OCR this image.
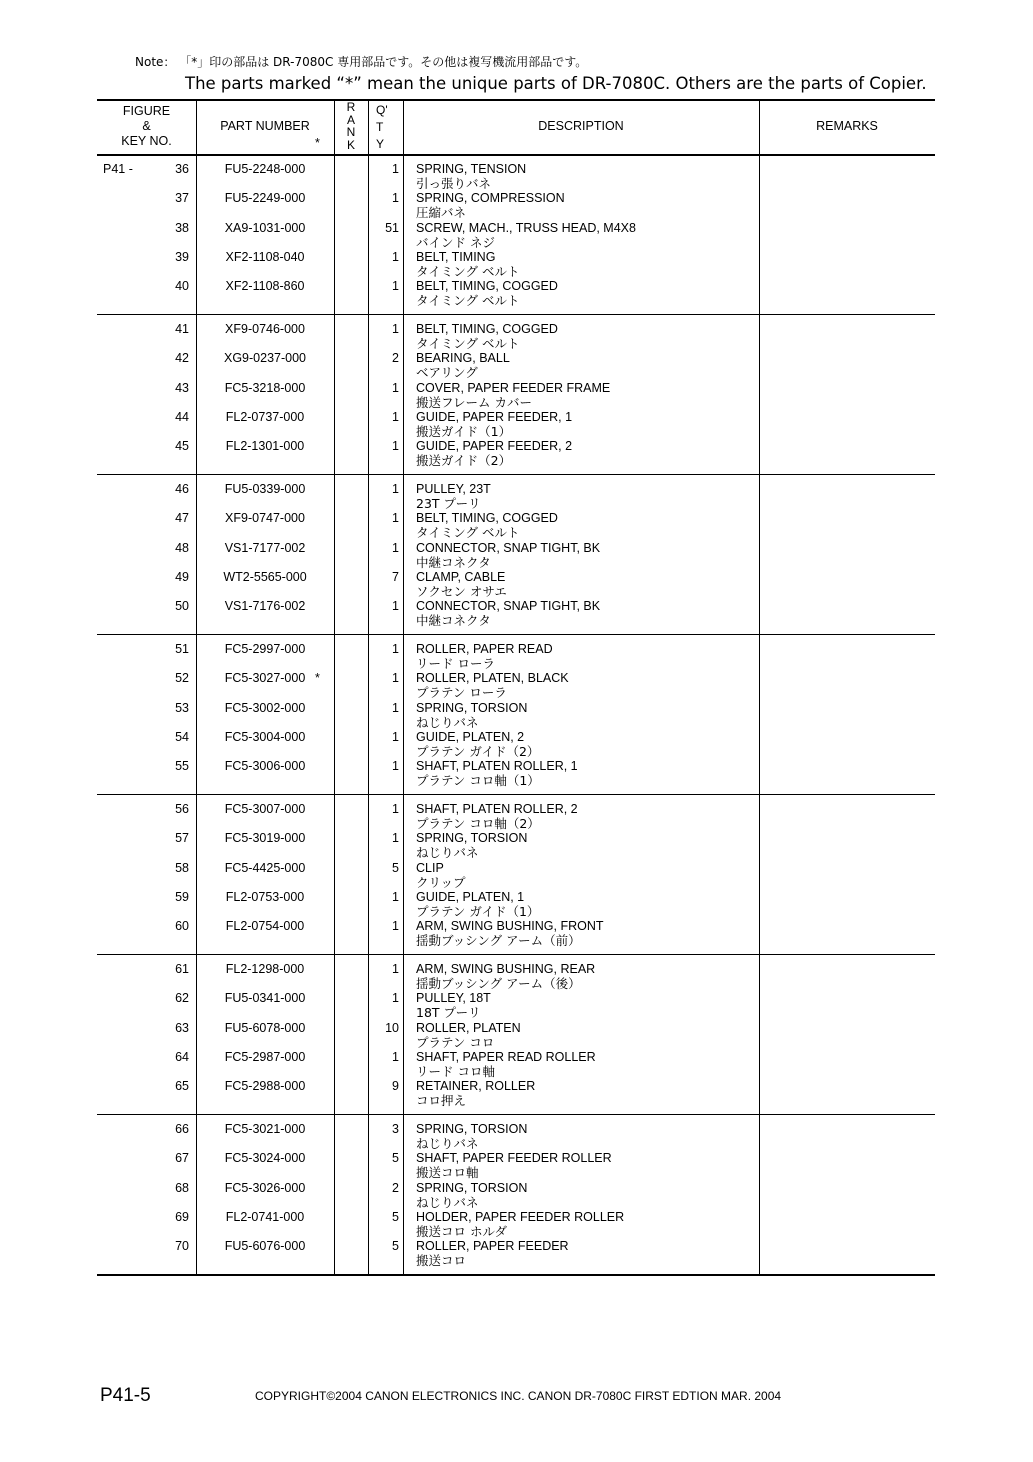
Note： 「*」印の部品は DR-7080C 専用部品です。その他は複写機流用部品です。
The parts marked “*” mean the unique parts of DR-7080C. Others are the parts of Copier.
FIGURE
&
KEY NO.
PART NUMBER
*
R
A
N
K
Q'
T
Y
DESCRIPTION	REMARKS
P41 -	36	FU5-2248-000	1 SPRING, TENSION
引っ張りバネ
37	FU5-2249-000	1 SPRING, COMPRESSION
圧縮バネ
38	XA9-1031-000	51 SCREW, MACH., TRUSS HEAD, M4X8
バインド ネジ
39	XF2-1108-040	1 BELT, TIMING
タイミング ベルト
40	XF2-1108-860	1 BELT, TIMING, COGGED
タイミング ベルト
41	XF9-0746-000	1 BELT, TIMING, COGGED
タイミング ベルト
42	XG9-0237-000	2 BEARING, BALL
ベアリング
43	FC5-3218-000	1 COVER, PAPER FEEDER FRAME
搬送フレーム カバー
44	FL2-0737-000	1 GUIDE, PAPER FEEDER, 1
搬送ガイド（1）
45	FL2-1301-000	1 GUIDE, PAPER FEEDER, 2
搬送ガイド（2）
46	FU5-0339-000	1 PULLEY, 23T
23T プーリ
47	XF9-0747-000	1 BELT, TIMING, COGGED
タイミング ベルト
48	VS1-7177-002	1 CONNECTOR, SNAP TIGHT, BK
中継コネクタ
49	WT2-5565-000	7 CLAMP, CABLE
ソクセン オサエ
50	VS1-7176-002	1 CONNECTOR, SNAP TIGHT, BK
中継コネクタ
51	FC5-2997-000	1 ROLLER, PAPER READ
リード ローラ
52	FC5-3027-000 *	1 ROLLER, PLATEN, BLACK
プラテン ローラ
53	FC5-3002-000	1 SPRING, TORSION
ねじりバネ
54	FC5-3004-000	1 GUIDE, PLATEN, 2
プラテン ガイド（2）
55	FC5-3006-000	1 SHAFT, PLATEN ROLLER, 1
プラテン コロ軸（1）
56	FC5-3007-000	1 SHAFT, PLATEN ROLLER, 2
プラテン コロ軸（2）
57	FC5-3019-000	1 SPRING, TORSION
ねじりバネ
58	FC5-4425-000	5 CLIP
クリップ
59	FL2-0753-000	1 GUIDE, PLATEN, 1
プラテン ガイド（1）
60	FL2-0754-000	1 ARM, SWING BUSHING, FRONT
揺動ブッシング アーム（前）
61	FL2-1298-000	1 ARM, SWING BUSHING, REAR
揺動ブッシング アーム（後）
62	FU5-0341-000	1 PULLEY, 18T
18T プーリ
63	FU5-6078-000	10 ROLLER, PLATEN
プラテン コロ
64	FC5-2987-000	1 SHAFT, PAPER READ ROLLER
リード コロ軸
65	FC5-2988-000	9 RETAINER, ROLLER
コロ押え
66	FC5-3021-000	3 SPRING, TORSION
ねじりバネ
67	FC5-3024-000	5 SHAFT, PAPER FEEDER ROLLER
搬送コロ軸
68	FC5-3026-000	2 SPRING, TORSION
ねじりバネ
69	FL2-0741-000	5 HOLDER, PAPER FEEDER ROLLER
搬送コロ ホルダ
70	FU5-6076-000	5 ROLLER, PAPER FEEDER
搬送コロ
P41-5	COPYRIGHT©2004 CANON ELECTRONICS INC. CANON DR-7080C FIRST EDTION MAR. 2004
